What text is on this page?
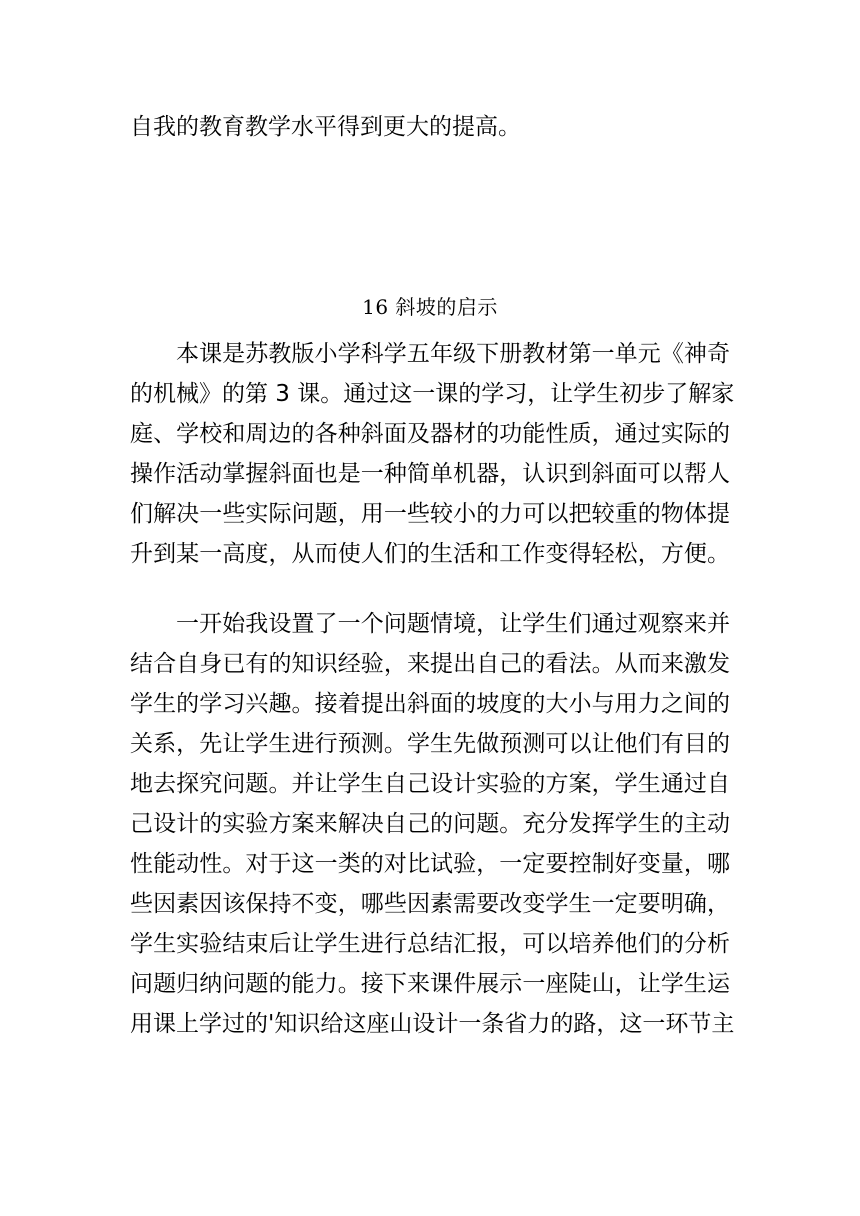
自我的教育教学水平得到更大的提高。
16 斜坡的启示
本课是苏教版小学科学五年级下册教材第一单元《神奇
的机械》的第 3 课。通过这一课的学习，让学生初步了解家
庭、学校和周边的各种斜面及器材的功能性质，通过实际的
操作活动掌握斜面也是一种简单机器，认识到斜面可以帮人
们解决一些实际问题，用一些较小的力可以把较重的物体提
升到某一高度，从而使人们的生活和工作变得轻松，方便。
一开始我设置了一个问题情境，让学生们通过观察来并
结合自身已有的知识经验，来提出自己的看法。从而来激发
学生的学习兴趣。接着提出斜面的坡度的大小与用力之间的
关系，先让学生进行预测。学生先做预测可以让他们有目的
地去探究问题。并让学生自己设计实验的方案，学生通过自
己设计的实验方案来解决自己的问题。充分发挥学生的主动
性能动性。对于这一类的对比试验，一定要控制好变量，哪
些因素因该保持不变，哪些因素需要改变学生一定要明确，
学生实验结束后让学生进行总结汇报，可以培养他们的分析
问题归纳问题的能力。接下来课件展示一座陡山，让学生运
用课上学过的'知识给这座山设计一条省力的路，这一环节主
